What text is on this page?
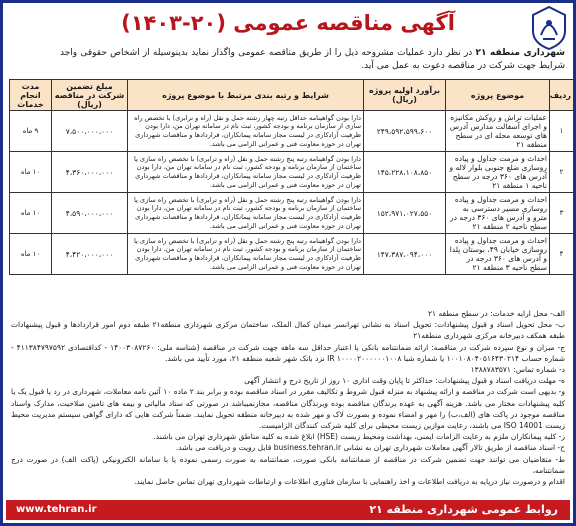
آگهی مناقصه عمومی (۲۰-۱۴۰۳)
شهرداری منطقه ۲۱ در نظر دارد عملیات مشروحه ذیل را از طریق مناقصه عمومی واگذار نماید بدینوسیله از اشخاص حقوقی واجد شرایط جهت شرکت در مناقصه دعوت به عمل می آید.
ردیف	موضوع پروژه	برآورد اولیه پروژه (ریال)	شرایط و رتبه بندی مرتبط با موضوع پروژه	مبلغ تضمین شرکت در مناقصه (ریال)	مدت انجام خدمات
۱	عملیات تراش و روکش مکانیزه و اجرای آسفالت مدارس آدرس های توسعه محله ای در سطح منطقه ۲۱	۲۴۹،۵۹۲،۵۹۹،۶۰۰	دارا بودن گواهینامه حداقل رتبه چهار رشته حمل و نقل (راه و ترابری) با تخصص راه سازی از سازمان برنامه و بودجه کشور، ثبت نام در سامانه تهران من، دارا بودن ظرفیت آزادکاری در لیست مجاز سامانه پیمانکاران، قراردادها و مناقصات شهرداری تهران در حوزه معاونت فنی و عمرانی الزامی می باشد.	۷،۵۰۰،۰۰۰،۰۰۰	۹ ماه
۲	احداث و مرمت جداول و پیاده روسازی ضلع جنوبی بلوار لاله و آدرس های ۳۶۰ درجه در سطح ناحیه ۱ منطقه ۲۱	۱۴۵،۲۲۸،۱۰۸،۸۵۰	دارا بودن گواهینامه رتبه پنج رشته حمل و نقل (راه و ترابری) با تخصص راه سازی یا ساختمان از سازمان برنامه و بودجه کشور، ثبت نام در سامانه تهران من، دارا بودن ظرفیت آزادکاری در لیست مجاز سامانه پیمانکاران، قراردادها و مناقصات شهرداری تهران در حوزه معاونت فنی و عمرانی الزامی می باشد.	۴،۳۶۰،۰۰۰،۰۰۰	۱۰ ماه
۳	احداث و مرمت جداول و پیاده روسازی مسیر دسترسی به مترو و آدرس های ۳۶۰ درجه در سطح ناحیه ۲ منطقه ۲۱	۱۵۲،۹۷۱،۰۲۷،۵۵۰	دارا بودن گواهینامه رتبه پنج رشته حمل و نقل (راه و ترابری) با تخصص راه سازی یا ساختمان از سازمان برنامه و بودجه کشور، ثبت نام در سامانه تهران من، دارا بودن ظرفیت آزادکاری در لیست مجاز سامانه پیمانکاران، قراردادها و مناقصات شهرداری تهران در حوزه معاونت فنی و عمرانی الزامی می باشد.	۴،۵۹۰،۰۰۰،۰۰۰	۱۰ ماه
۴	احداث و مرمت جداول و پیاده روسازی خیابان ۴۹، بوستان پلدا و آدرس های ۳۶۰ درجه در سطح ناحیه ۳ منطقه ۲۱	۱۴۷،۳۸۷،۰۹۴،۰۰۰	دارا بودن گواهینامه رتبه پنج رشته حمل و نقل (راه و ترابری) با تخصص راه سازی یا ساختمان از سازمان برنامه و بودجه کشور، ثبت نام در سامانه تهران من، دارا بودن ظرفیت آزادکاری در لیست مجاز سامانه پیمانکاران، قراردادها و مناقصات شهرداری تهران در حوزه معاونت فنی و عمرانی الزامی می باشد.	۴،۴۲۰،۰۰۰،۰۰۰	۱۰ ماه

الف- محل ارایه خدمات: در سطح منطقه ۲۱

ب- محل تحویل اسناد و قبول پیشنهادات: تحویل اسناد به نشانی تهرانسر میدان کمال الملک، ساختمان مرکزی شهرداری منطقه۲۱ طبقه دوم امور قراردادها و قبول پیشنهادات طبقه همکف دبیرخانه مرکزی شهرداری منطقه۲۱

ج- میزان و نوع سپرده شرکت در مناقصه: ارائه ضمانتنامه بانکی یا اعتبار حداقل سه ماهه جهت شرکت در مناقصه (شناسه ملی: ۱۴۰۰۳۰۸۷۲۶۰ - کداقتصادی ۴۱۱۳۸۴۷۹۷۵۹۲ - شماره حساب ۱۰۰۱۰۸۰۴۰۵۱۶۴۳۰۲۱۴ یا شماره شبا IR ۱۰۰۰۰۲۰۰۰۰۰۰۱۰۰۸ نزد بانک شهر شعبه منطقه ۲۱، مورد تأیید می باشد.

د- شماره تماس: ۱۳۸۸۷۸۳۵۷۱

ه- مهلت دریافت اسناد و قبول پیشنهادات: حداکثر تا پایان وقت اداری ۱۰ روز از تاریخ درج و انتشار آگهی

و- بدیهی است شرکت در مناقصه و ارائه پیشنهاد به منزله قبول شروط و تکالیف مقرر در اسناد مناقصه بوده و برابر بند ۲ ماده ۱۰ آئین نامه معاملات، شهرداری در رد یا قبول یک یا کلیه پیشنهادات مختار می باشد. هزینه آگهی به عهده برندگان مناقصه بوده وبرندگان مناقصه، مجازنمیباشد در صورتی که ستاد مالیاتی و بیمه های تامین صلاحیت، مدارک واسناد مناقصه موجود در پاکت های (الف،ب) را مهر و امضاء نموده و بصورت لاک و مهر شده به دبیرخانه منطقه تحویل نمایند. ضمناً شرکت هایی که دارای گواهی سیستم مدیریت محیط زیست ISO 14001 می باشند، رعایت موازین زیست محیطی برای کلیه شرکت کنندگان الزامیست.

ز- کلیه پیمانکاران ملزم به رعایت الزامات ایمنی، بهداشت ومحیط زیست (HSE) ابلاغ شده به کلیه مناطق شهرداری تهران می باشند.

ح- اسناد مناقصه از طریق تالار آگهی معاملات شهرداری تهران به نشانی business.tehran.ir قابل رویت و دریافت می باشد.

ط- متقاضیان می توانند جهت تضمین شرکت در مناقصه از ضمانتنامه بانکی صورت، ضمانتنامه به صورت رسمی نموده یا با سامانه الکترونیکی (پاکت الف) در صورت درج ضمانتنامه،

اقدام و درصورت نیاز درپایه به دریافت اطلاعات و اخذ راهنمایی با سازمان فناوری اطلاعات و ارتباطات شهرداری تهران تماس حاصل نمایند.

روابط عمومی شهرداری منطقه ۲۱
www.tehran.ir
